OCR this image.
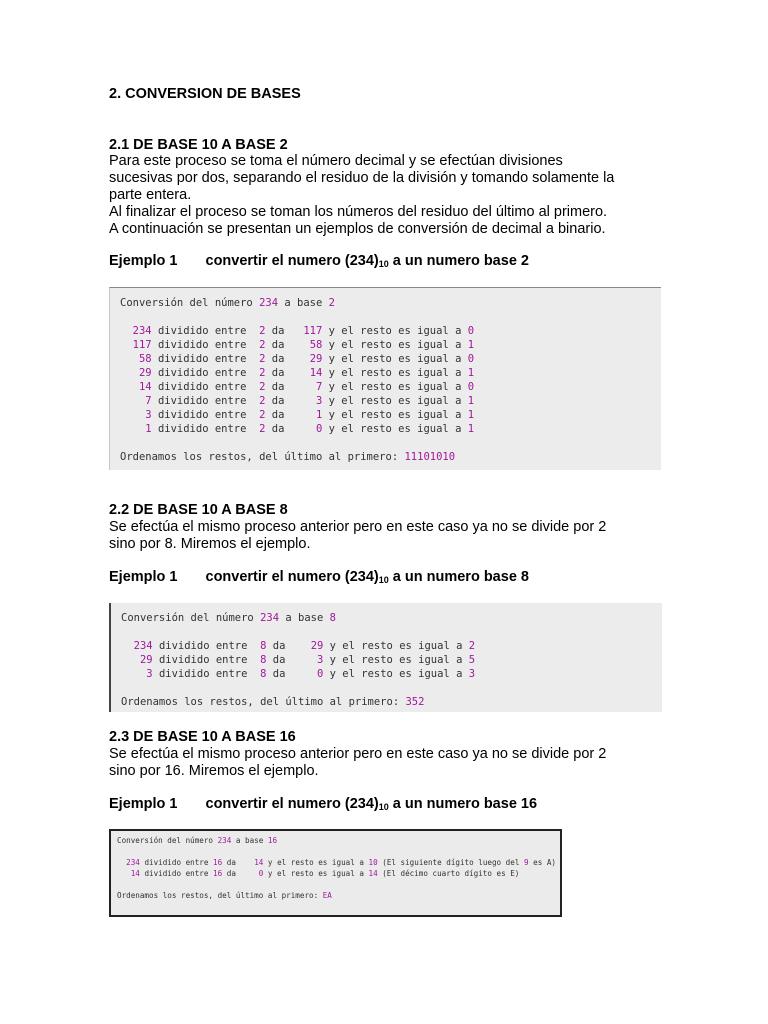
2. CONVERSION DE BASES
2.1 DE BASE 10 A BASE 2
Para este proceso se toma el número decimal y se efectúan divisiones
sucesivas por dos, separando el residuo de la división y tomando solamente la
parte entera.
Al finalizar el proceso se toman los números del residuo del último al primero.
A continuación se presentan un ejemplos de conversión de decimal a binario.
Ejemplo 1 convertir el numero $(234)_{10}$ a un numero base 2

Conversión del número 234 a base 2

234 dividido entre  2 da   117 y el resto es igual a 0
117 dividido entre  2 da    58 y el resto es igual a 1
58 dividido entre  2 da    29 y el resto es igual a 0
29 dividido entre  2 da    14 y el resto es igual a 1
14 dividido entre  2 da     7 y el resto es igual a 0
7 dividido entre  2 da     3 y el resto es igual a 1
3 dividido entre  2 da     1 y el resto es igual a 1
1 dividido entre  2 da     0 y el resto es igual a 1

Ordenamos los restos, del último al primero: 11101010

2.2 DE BASE 10 A BASE 8
Se efectúa el mismo proceso anterior pero en este caso ya no se divide por 2
sino por 8. Miremos el ejemplo.
Ejemplo 1 convertir el numero $(234)_{10}$ a un numero base 8

Conversión del número 234 a base 8

234 dividido entre  8 da    29 y el resto es igual a 2
29 dividido entre  8 da     3 y el resto es igual a 5
3 dividido entre  8 da     0 y el resto es igual a 3

Ordenamos los restos, del último al primero: 352

2.3 DE BASE 10 A BASE 16
Se efectúa el mismo proceso anterior pero en este caso ya no se divide por 2
sino por 16. Miremos el ejemplo.
Ejemplo 1 convertir el numero $(234)_{10}$ a un numero base 16

Conversión del número 234 a base 16

234 dividido entre 16 da    14 y el resto es igual a 10 (El siguiente dígito luego del 9 es A)
14 dividido entre 16 da     0 y el resto es igual a 14 (El décimo cuarto dígito es E)

Ordenamos los restos, del último al primero: EA
